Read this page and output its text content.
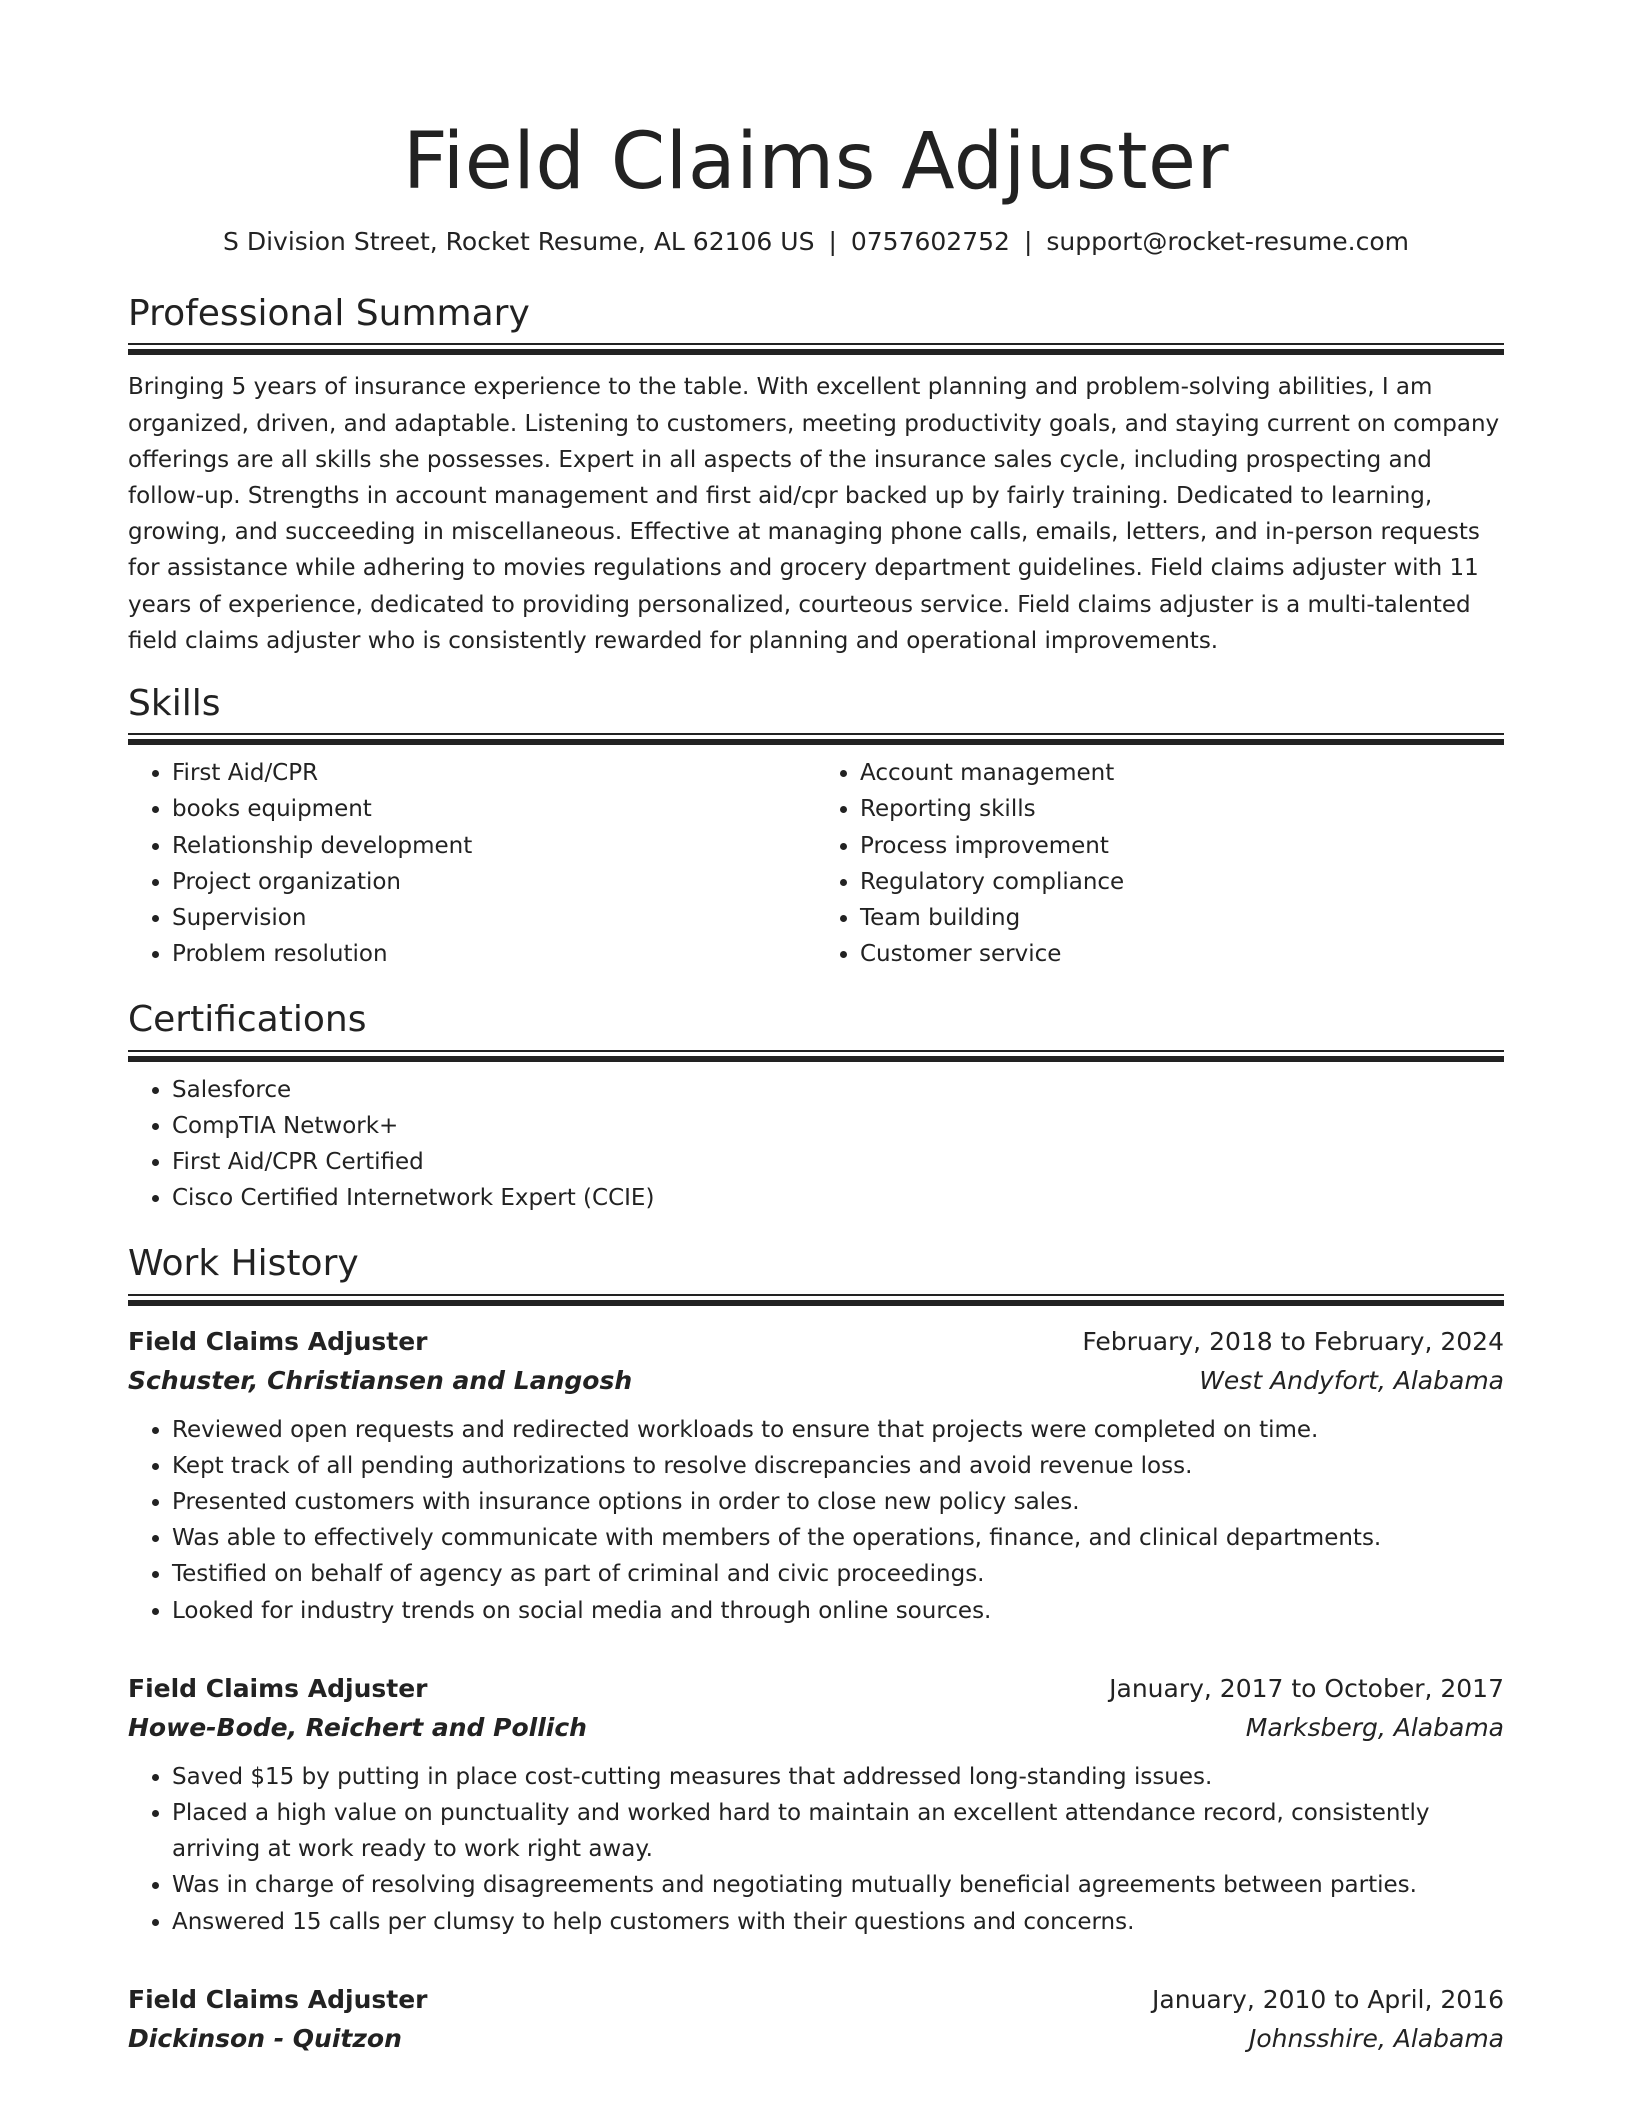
Field Claims Adjuster
S Division Street, Rocket Resume, AL 62106 US | 0757602752 | support@rocket-resume.com
Professional Summary

Bringing 5 years of insurance experience to the table. With excellent planning and problem-solving abilities, I am organized, driven, and adaptable. Listening to customers, meeting productivity goals, and staying current on company offerings are all skills she possesses. Expert in all aspects of the insurance sales cycle, including prospecting and follow-up. Strengths in account management and first aid/cpr backed up by fairly training. Dedicated to learning, growing, and succeeding in miscellaneous. Effective at managing phone calls, emails, letters, and in-person requests for assistance while adhering to movies regulations and grocery department guidelines. Field claims adjuster with 11 years of experience, dedicated to providing personalized, courteous service. Field claims adjuster is a multi-talented field claims adjuster who is consistently rewarded for planning and operational improvements.

Skills
• First Aid/CPR
• books equipment
• Relationship development
• Project organization
• Supervision
• Problem resolution
• Account management
• Reporting skills
• Process improvement
• Regulatory compliance
• Team building
• Customer service
Certifications
• Salesforce
• CompTIA Network+
• First Aid/CPR Certified
• Cisco Certified Internetwork Expert (CCIE)
Work History
Field Claims Adjuster	February, 2018 to February, 2024
Schuster, Christiansen and Langosh	West Andyfort, Alabama
• Reviewed open requests and redirected workloads to ensure that projects were completed on time.
• Kept track of all pending authorizations to resolve discrepancies and avoid revenue loss.
• Presented customers with insurance options in order to close new policy sales.
• Was able to effectively communicate with members of the operations, finance, and clinical departments.
• Testified on behalf of agency as part of criminal and civic proceedings.
• Looked for industry trends on social media and through online sources.
Field Claims Adjuster	January, 2017 to October, 2017
Howe-Bode, Reichert and Pollich	Marksberg, Alabama
• Saved $15 by putting in place cost-cutting measures that addressed long-standing issues.
• Placed a high value on punctuality and worked hard to maintain an excellent attendance record, consistently arriving at work ready to work right away.
• Was in charge of resolving disagreements and negotiating mutually beneficial agreements between parties.
• Answered 15 calls per clumsy to help customers with their questions and concerns.
Field Claims Adjuster	January, 2010 to April, 2016
Dickinson - Quitzon	Johnsshire, Alabama
